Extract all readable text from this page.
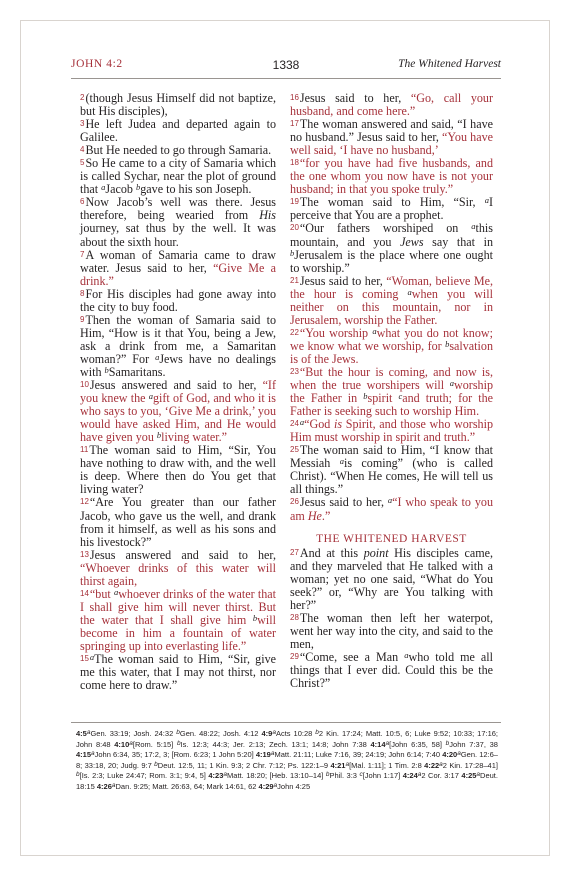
JOHN 4:2	1338	The Whitened Harvest

$^2$(though Jesus Himself did not baptize, but His disciples),

$^3$He left Judea and departed again to Galilee.

$^4$But He needed to go through Samaria.

$^5$So He came to a city of Samaria which is called Sychar, near the plot of ground that $^a$Jacob $^b$gave to his son Joseph.

$^6$Now Jacob’s well was there. Jesus therefore, being wearied from His journey, sat thus by the well. It was about the sixth hour.

$^7$A woman of Samaria came to draw water. Jesus said to her, “Give Me a drink.”

$^8$For His disciples had gone away into the city to buy food.

$^9$Then the woman of Samaria said to Him, “How is it that You, being a Jew, ask a drink from me, a Samaritan woman?” For $^a$Jews have no dealings with $^b$Samaritans.

$^{10}$Jesus answered and said to her, “If you knew the $^a$gift of God, and who it is who says to you, ‘Give Me a drink,’ you would have asked Him, and He would have given you $^b$living water.”

$^{11}$The woman said to Him, “Sir, You have nothing to draw with, and the well is deep. Where then do You get that living water?

$^{12}$“Are You greater than our father Jacob, who gave us the well, and drank from it himself, as well as his sons and his livestock?”

$^{13}$Jesus answered and said to her, “Whoever drinks of this water will thirst again,

$^{14}$“but $^a$whoever drinks of the water that I shall give him will never thirst. But the water that I shall give him $^b$will become in him a fountain of water springing up into everlasting life.”

$^{15a}$The woman said to Him, “Sir, give me this water, that I may not thirst, nor come here to draw.”

$^{16}$Jesus said to her, “Go, call your husband, and come here.”

$^{17}$The woman answered and said, “I have no husband.” Jesus said to her, “You have well said, ‘I have no husband,’

$^{18}$“for you have had five husbands, and the one whom you now have is not your husband; in that you spoke truly.”

$^{19}$The woman said to Him, “Sir, $^a$I perceive that You are a prophet.

$^{20}$“Our fathers worshiped on $^a$this mountain, and you Jews say that in $^b$Jerusalem is the place where one ought to worship.”

$^{21}$Jesus said to her, “Woman, believe Me, the hour is coming $^a$when you will neither on this mountain, nor in Jerusalem, worship the Father.

$^{22}$“You worship $^a$what you do not know; we know what we worship, for $^b$salvation is of the Jews.

$^{23}$“But the hour is coming, and now is, when the true worshipers will $^a$worship the Father in $^b$spirit $^c$and truth; for the Father is seeking such to worship Him.

$^{24a}$“God is Spirit, and those who worship Him must worship in spirit and truth.”

$^{25}$The woman said to Him, “I know that Messiah $^a$is coming” (who is called Christ). “When He comes, He will tell us all things.”

$^{26}$Jesus said to her, $^a$“I who speak to you am He.”

THE WHITENED HARVEST

$^{27}$And at this point His disciples came, and they marveled that He talked with a woman; yet no one said, “What do You seek?” or, “Why are You talking with her?”

$^{28}$The woman then left her waterpot, went her way into the city, and said to the men,

$^{29}$“Come, see a Man $^a$who told me all things that I ever did. Could this be the Christ?”

4:5aGen. 33:19; Josh. 24:32 bGen. 48:22; Josh. 4:12 4:9aActs 10:28 b2 Kin. 17:24; Matt. 10:5, 6; Luke 9:52; 10:33; 17:16; John 8:48 4:10a[Rom. 5:15] bIs. 12:3; 44:3; Jer. 2:13; Zech. 13:1; 14:8; John 7:38 4:14a[John 6:35, 58] bJohn 7:37, 38 4:15aJohn 6:34, 35; 17:2, 3; [Rom. 6:23; 1 John 5:20] 4:19aMatt. 21:11; Luke 7:16, 39; 24:19; John 6:14; 7:40 4:20aGen. 12:6–8; 33:18, 20; Judg. 9:7 bDeut. 12:5, 11; 1 Kin. 9:3; 2 Chr. 7:12; Ps. 122:1–9 4:21a[Mal. 1:11]; 1 Tim. 2:8 4:22a2 Kin. 17:28–41] b[Is. 2:3; Luke 24:47; Rom. 3:1; 9:4, 5] 4:23aMatt. 18:20; [Heb. 13:10–14] bPhil. 3:3 c[John 1:17] 4:24a2 Cor. 3:17 4:25aDeut. 18:15 4:26aDan. 9:25; Matt. 26:63, 64; Mark 14:61, 62 4:29aJohn 4:25
